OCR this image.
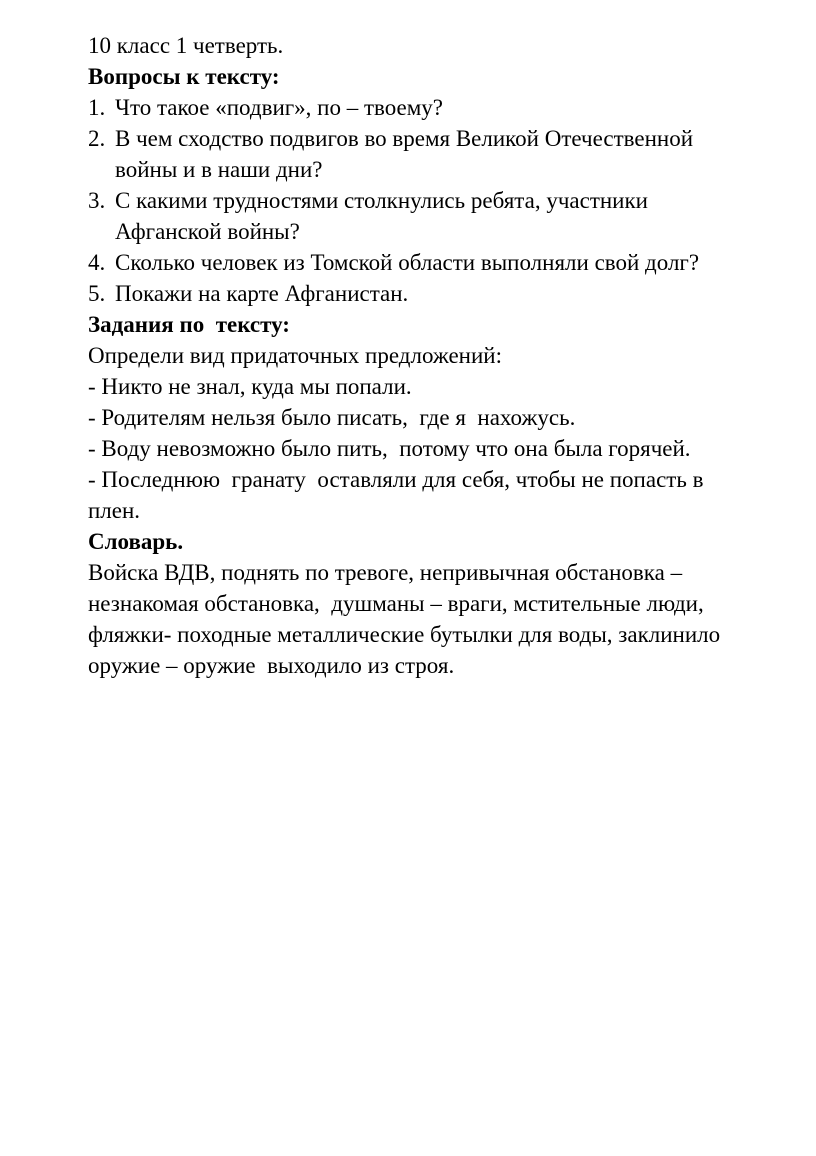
10 класс 1 четверть.

Вопросы к тексту:

1. Что такое «подвиг», по – твоему?
2. В чем сходство подвигов во время Великой Отечественной
войны и в наши дни?
3. С какими трудностями столкнулись ребята, участники
Афганской войны?
4. Сколько человек из Томской области выполняли свой долг?
5. Покажи на карте Афганистан.

Задания по  тексту:

Определи вид придаточных предложений:

- Никто не знал, куда мы попали.

- Родителям нельзя было писать,  где я  нахожусь.

- Воду невозможно было пить,  потому что она была горячей.

- Последнюю  гранату  оставляли для себя, чтобы не попасть в

плен.

Словарь.

Войска ВДВ, поднять по тревоге, непривычная обстановка –

незнакомая обстановка,  душманы – враги, мстительные люди,

фляжки- походные металлические бутылки для воды, заклинило

оружие – оружие  выходило из строя.
